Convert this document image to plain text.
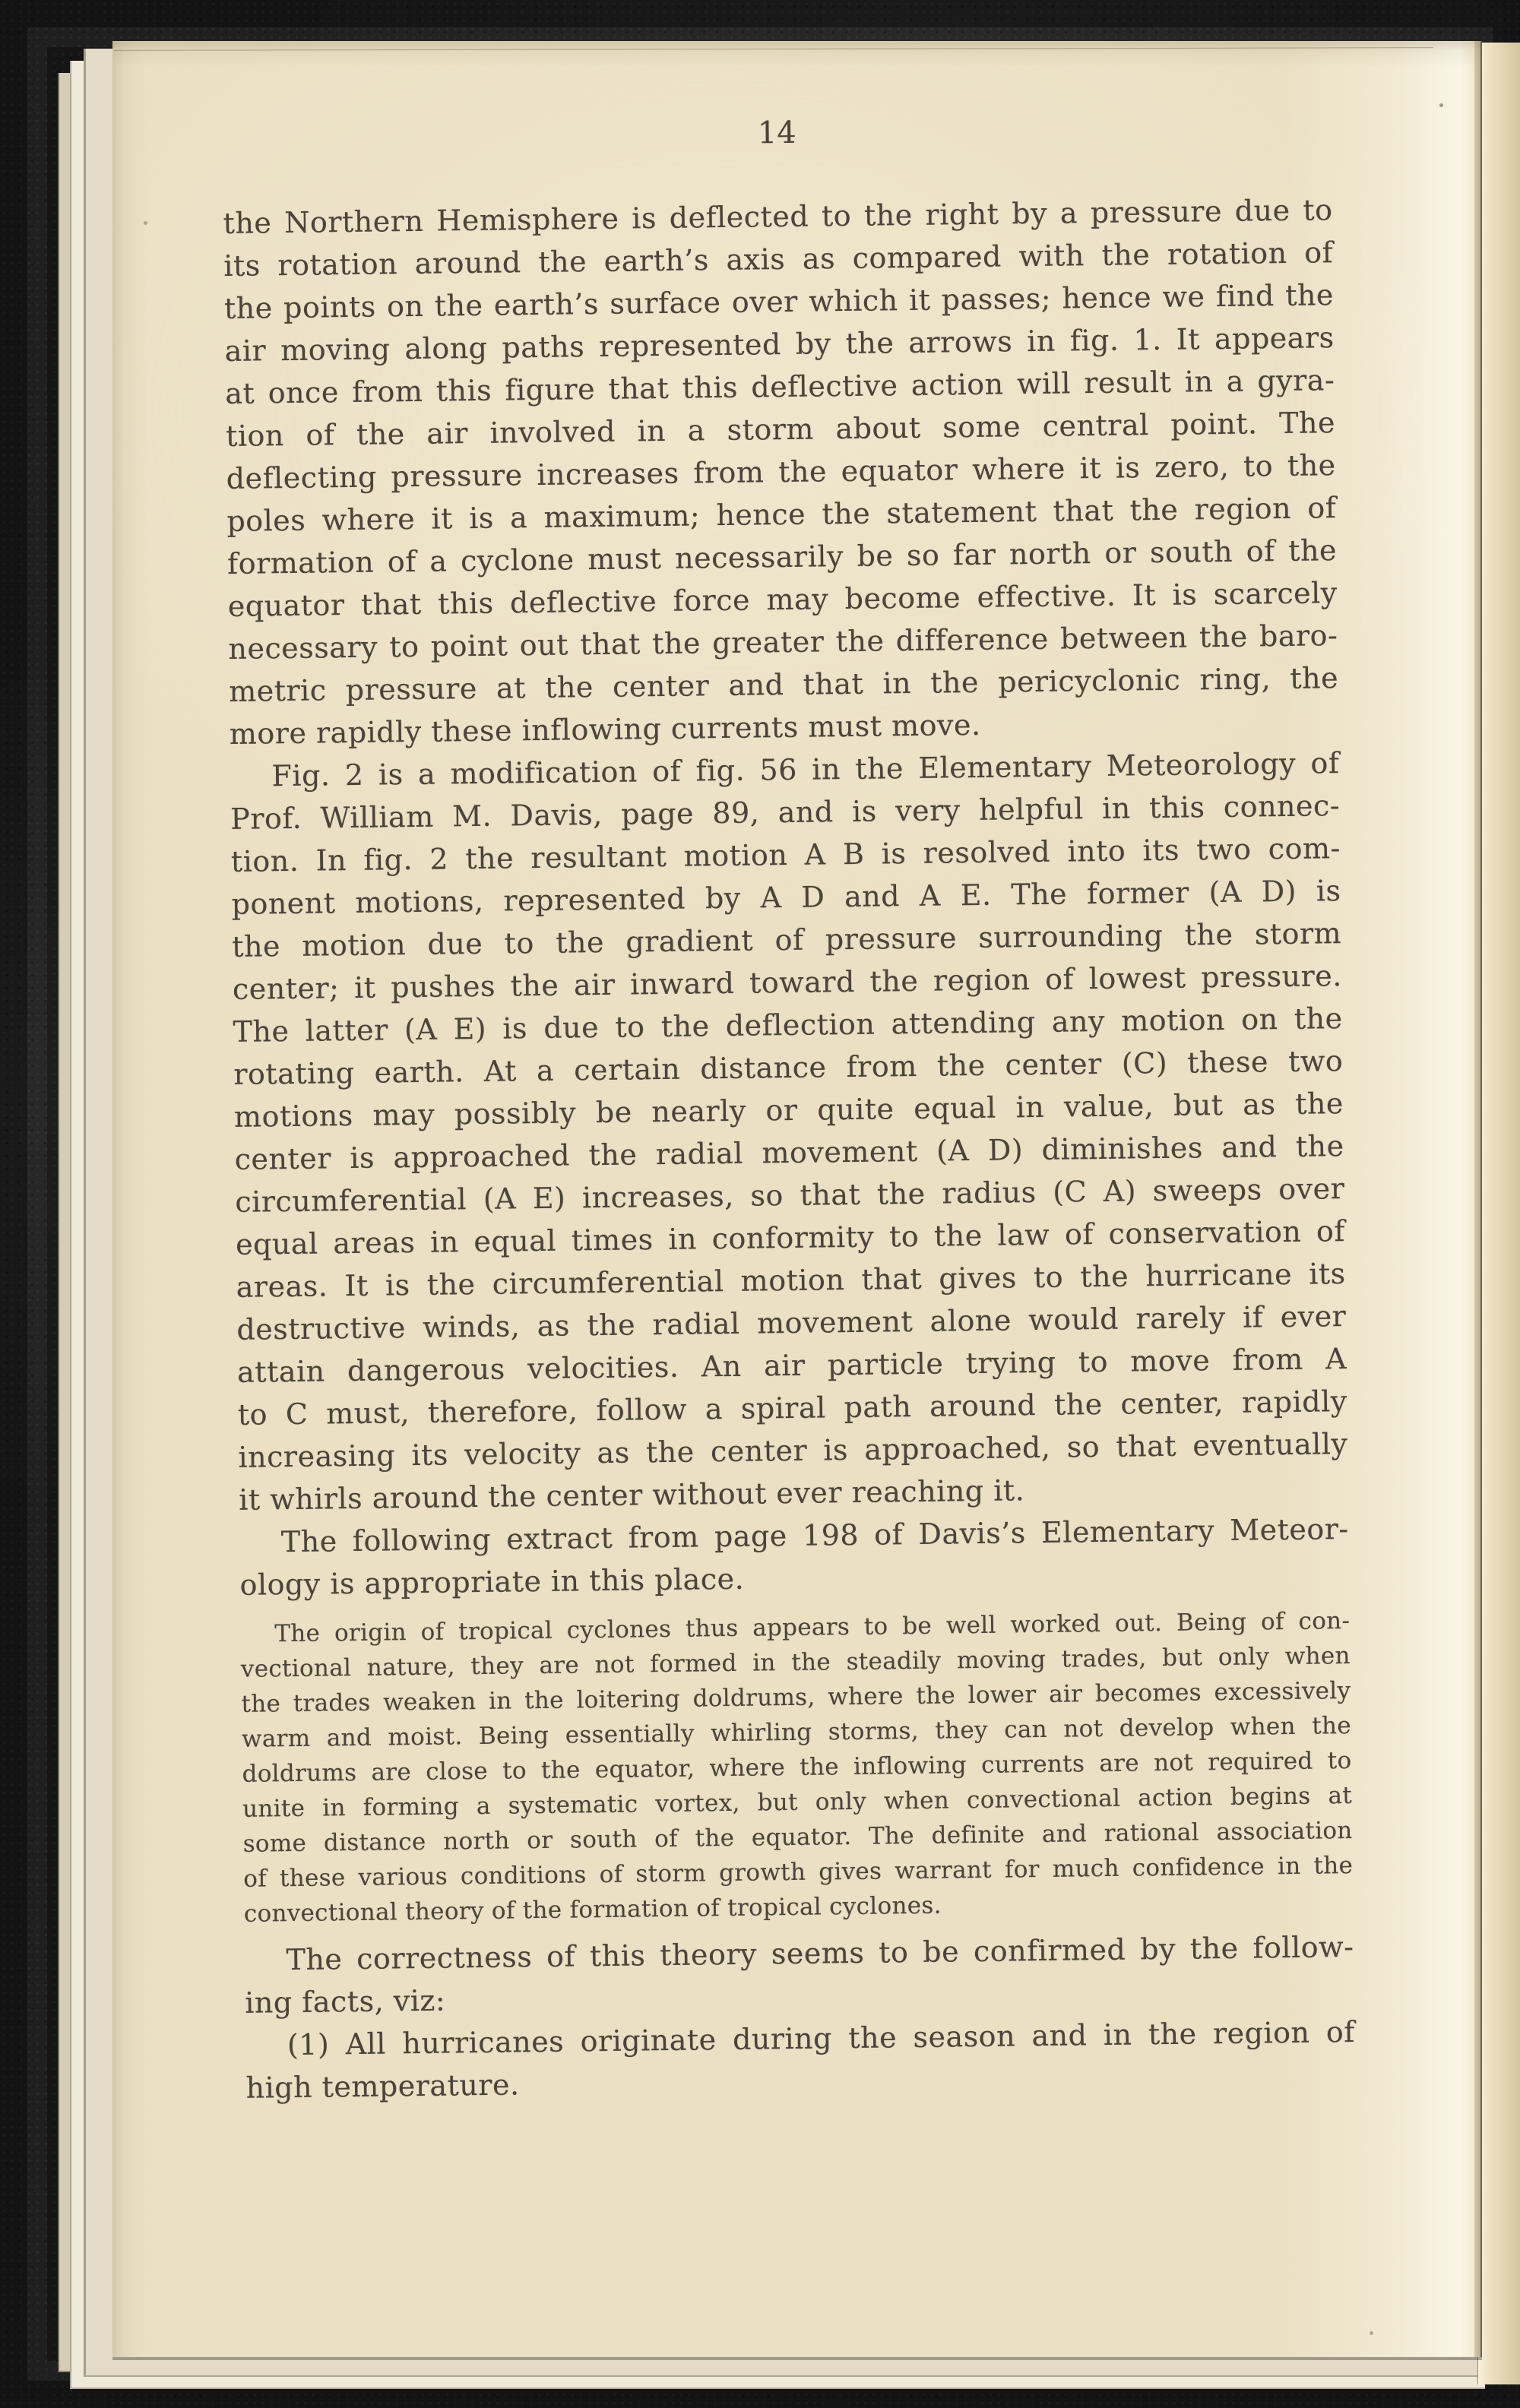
14
the Northern Hemisphere is deflected to the right by a pressure due to
its rotation around the earth’s axis as compared with the rotation of
the points on the earth’s surface over which it passes; hence we find the
air moving along paths represented by the arrows in fig. 1. It appears
at once from this figure that this deflective action will result in a gyra-
tion of the air involved in a storm about some central point. The
deflecting pressure increases from the equator where it is zero, to the
poles where it is a maximum; hence the statement that the region of
formation of a cyclone must necessarily be so far north or south of the
equator that this deflective force may become effective. It is scarcely
necessary to point out that the greater the difference between the baro-
metric pressure at the center and that in the pericyclonic ring, the
more rapidly these inflowing currents must move.
Fig. 2 is a modification of fig. 56 in the Elementary Meteorology of
Prof. William M. Davis, page 89, and is very helpful in this connec-
tion. In fig. 2 the resultant motion A B is resolved into its two com-
ponent motions, represented by A D and A E. The former (A D) is
the motion due to the gradient of pressure surrounding the storm
center; it pushes the air inward toward the region of lowest pressure.
The latter (A E) is due to the deflection attending any motion on the
rotating earth. At a certain distance from the center (C) these two
motions may possibly be nearly or quite equal in value, but as the
center is approached the radial movement (A D) diminishes and the
circumferential (A E) increases, so that the radius (C A) sweeps over
equal areas in equal times in conformity to the law of conservation of
areas. It is the circumferential motion that gives to the hurricane its
destructive winds, as the radial movement alone would rarely if ever
attain dangerous velocities. An air particle trying to move from A
to C must, therefore, follow a spiral path around the center, rapidly
increasing its velocity as the center is approached, so that eventually
it whirls around the center without ever reaching it.
The following extract from page 198 of Davis’s Elementary Meteor-
ology is appropriate in this place.
The origin of tropical cyclones thus appears to be well worked out. Being of con-
vectional nature, they are not formed in the steadily moving trades, but only when
the trades weaken in the loitering doldrums, where the lower air becomes excessively
warm and moist. Being essentially whirling storms, they can not develop when the
doldrums are close to the equator, where the inflowing currents are not required to
unite in forming a systematic vortex, but only when convectional action begins at
some distance north or south of the equator. The definite and rational association
of these various conditions of storm growth gives warrant for much confidence in the
convectional theory of the formation of tropical cyclones.
The correctness of this theory seems to be confirmed by the follow-
ing facts, viz:
(1) All hurricanes originate during the season and in the region of
high temperature.
